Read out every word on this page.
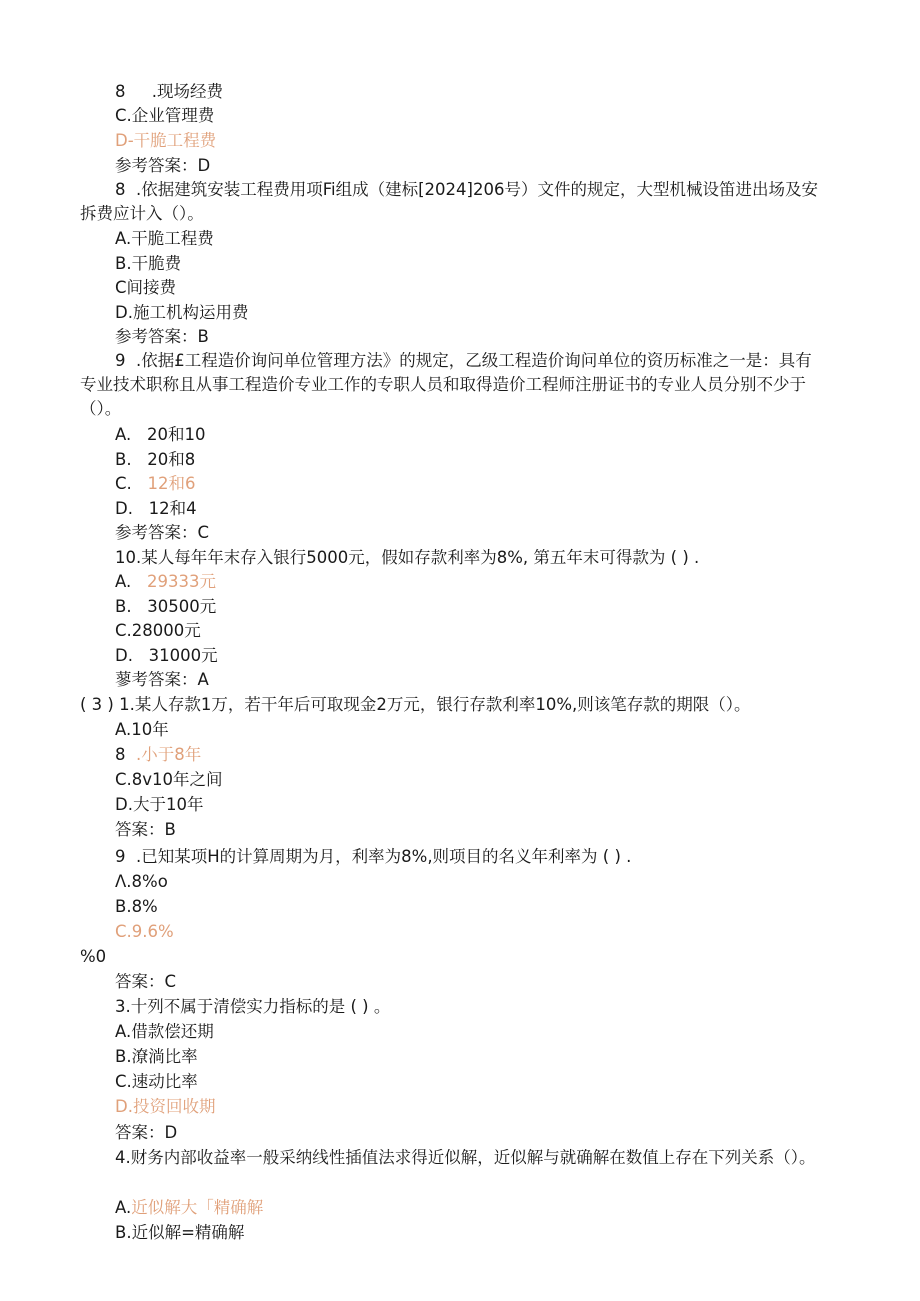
8     .现场经费
C.企业管理费
D-干脆工程费
参考答案：D
8  .依据建筑安装工程费用项Fi组成（建标[2024]206号）文件的规定，大型机械设笛进出场及安拆费应计入（）。
A.干脆工程费
B.干脆费
C间接费
D.施工机构运用费
参考答案：B
9  .依据£工程造价询问单位管理方法》的规定，乙级工程造价询问单位的资历标准之一是：具有专业技术职称且从事工程造价专业工作的专职人员和取得造价工程师注册证书的专业人员分别不少于（）。
A.   20和10
B.   20和8
C.   12和6
D.   12和4
参考答案：C
10.某人每年年末存入银行5000元，假如存款利率为8%, 第五年末可得款为 ( ) .
A.   29333元
B.   30500元
C.28000元
D.   31000元
蓼考答案：A
( 3 ) 1.某人存款1万，若干年后可取现金2万元，银行存款利率10%,则该笔存款的期限（）。
A.10年
8  .小于8年
C.8v10年之间
D.大于10年
答案：B
9  .已知某项H的计算周期为月，利率为8%,则项目的名义年利率为 ( ) .
Λ.8%o
B.8%
C.9.6%
%0
答案：C
3.十列不属于清偿实力指标的是 ( ) 。
A.借款偿还期
B.潦淌比率
C.速动比率
D.投资回收期
答案：D
4.财务内部收益率一般采纳线性插值法求得近似解，近似解与就确解在数值上存在下列关系（）。
A.近似解大「精确解
B.近似解=精确解
